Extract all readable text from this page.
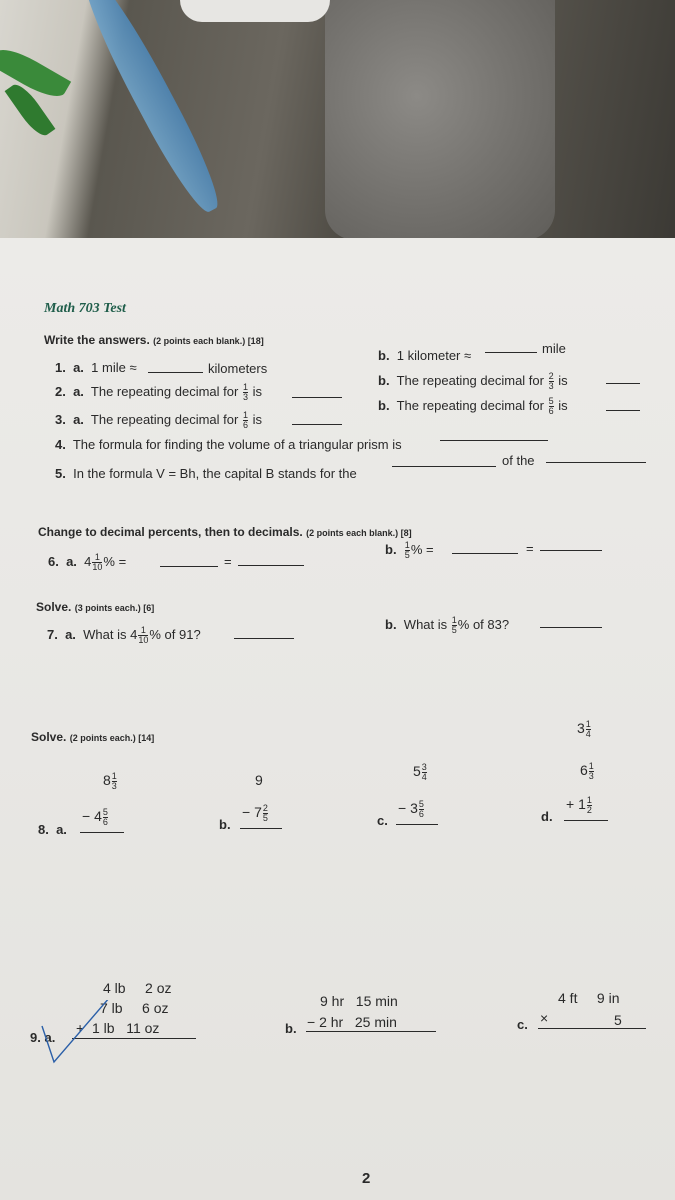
Math 703 Test
Write the answers. (2 points each blank.) [18]
1. a. 1 mile ≈	kilometers
b. 1 kilometer ≈	mile
2. a. The repeating decimal for $\frac{1}{3}$ is
b. The repeating decimal for $\frac{2}{3}$ is
3. a. The repeating decimal for $\frac{1}{6}$ is
b. The repeating decimal for $\frac{5}{6}$ is
4. The formula for finding the volume of a triangular prism is
5. In the formula V = Bh, the capital B stands for the
of the
Change to decimal percents, then to decimals. (2 points each blank.) [8]
6. a. $4 \frac{1}{10}$ % =	=
b. $\frac{1}{5}$ % =	=
Solve. (3 points each.) [6]
7. a. What is $4 \frac{1}{10}$ % of 91?
b. What is $\frac{1}{5}$ % of 83?
Solve. (2 points each.) [14]
$8 \frac{1}{3}$
8. a.
− $4 \frac{5}{6}$
9
b.
− $7 \frac{2}{5}$
$5 \frac{3}{4}$
c.
− $3 \frac{5}{6}$
$3 \frac{1}{4}$
$6 \frac{1}{3}$
d.
+ $1 \frac{1}{2}$
4 lb     2 oz
7 lb     6 oz
9. a.
+ 1 lb   11 oz
9 hr   15 min
b. − 2 hr   25 min
4 ft     9 in
c. ×	5
2
